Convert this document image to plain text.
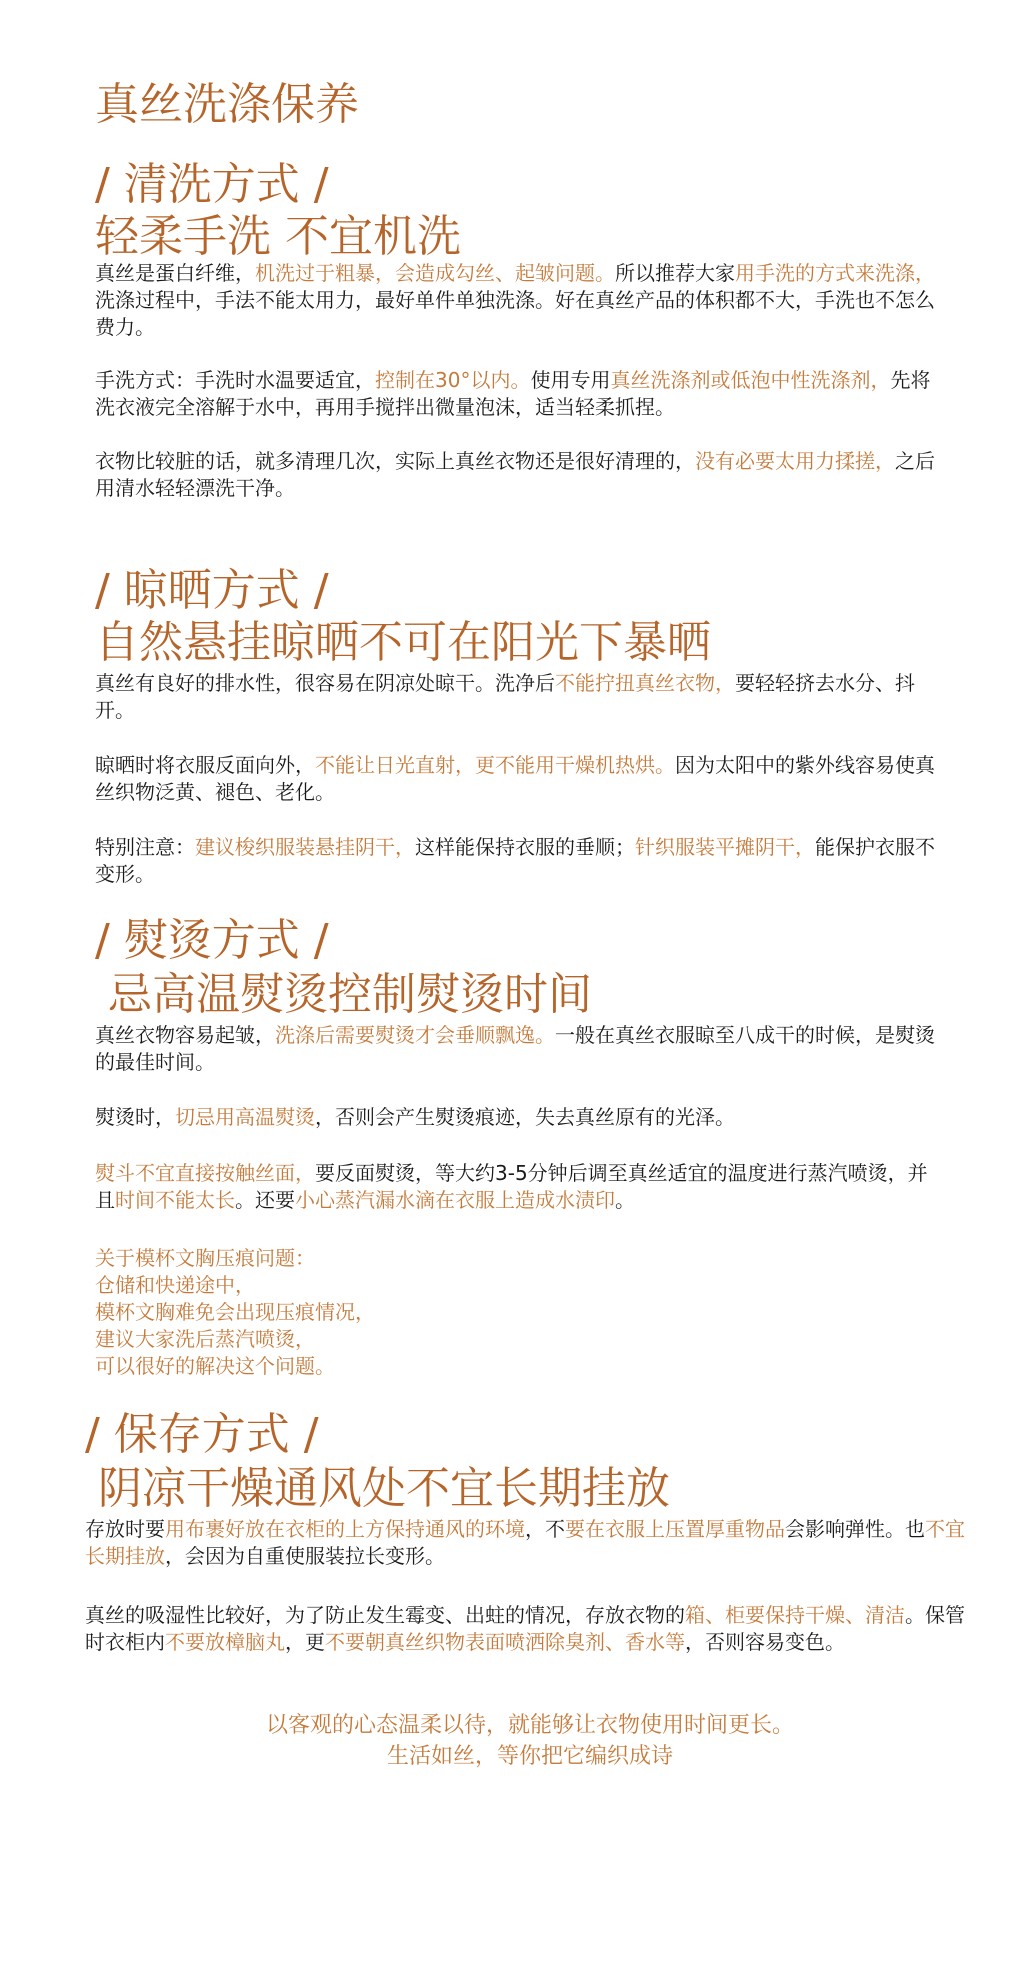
真丝洗涤保养
/ 清洗方式 /
轻柔手洗 不宜机洗
真丝是蛋白纤维，机洗过于粗暴，会造成勾丝、起皱问题。所以推荐大家用手洗的方式来洗涤，洗涤过程中，手法不能太用力，最好单件单独洗涤。好在真丝产品的体积都不大，手洗也不怎么费力。
手洗方式：手洗时水温要适宜，控制在30°以内。使用专用真丝洗涤剂或低泡中性洗涤剂，先将洗衣液完全溶解于水中，再用手搅拌出微量泡沫，适当轻柔抓捏。
衣物比较脏的话，就多清理几次，实际上真丝衣物还是很好清理的，没有必要太用力揉搓，之后用清水轻轻漂洗干净。
/ 晾晒方式 /
自然悬挂晾晒不可在阳光下暴晒
真丝有良好的排水性，很容易在阴凉处晾干。洗净后不能拧扭真丝衣物，要轻轻挤去水分、抖开。
晾晒时将衣服反面向外，不能让日光直射，更不能用干燥机热烘。因为太阳中的紫外线容易使真丝织物泛黄、褪色、老化。
特别注意：建议梭织服装悬挂阴干，这样能保持衣服的垂顺；针织服装平摊阴干，能保护衣服不变形。
/ 熨烫方式 /
忌高温熨烫控制熨烫时间
真丝衣物容易起皱，洗涤后需要熨烫才会垂顺飘逸。一般在真丝衣服晾至八成干的时候，是熨烫的最佳时间。
熨烫时，切忌用高温熨烫，否则会产生熨烫痕迹，失去真丝原有的光泽。
熨斗不宜直接按触丝面，要反面熨烫，等大约3-5分钟后调至真丝适宜的温度进行蒸汽喷烫，并且时间不能太长。还要小心蒸汽漏水滴在衣服上造成水渍印。
关于模杯文胸压痕问题：
仓储和快递途中，
模杯文胸难免会出现压痕情况，
建议大家洗后蒸汽喷烫，
可以很好的解决这个问题。
/ 保存方式 /
阴凉干燥通风处不宜长期挂放
存放时要用布裹好放在衣柜的上方保持通风的环境，不要在衣服上压置厚重物品会影响弹性。也不宜长期挂放，会因为自重使服装拉长变形。
真丝的吸湿性比较好，为了防止发生霉变、出蛀的情况，存放衣物的箱、柜要保持干燥、清洁。保管时衣柜内不要放樟脑丸，更不要朝真丝织物表面喷洒除臭剂、香水等，否则容易变色。
以客观的心态温柔以待，就能够让衣物使用时间更长。
生活如丝，等你把它编织成诗
